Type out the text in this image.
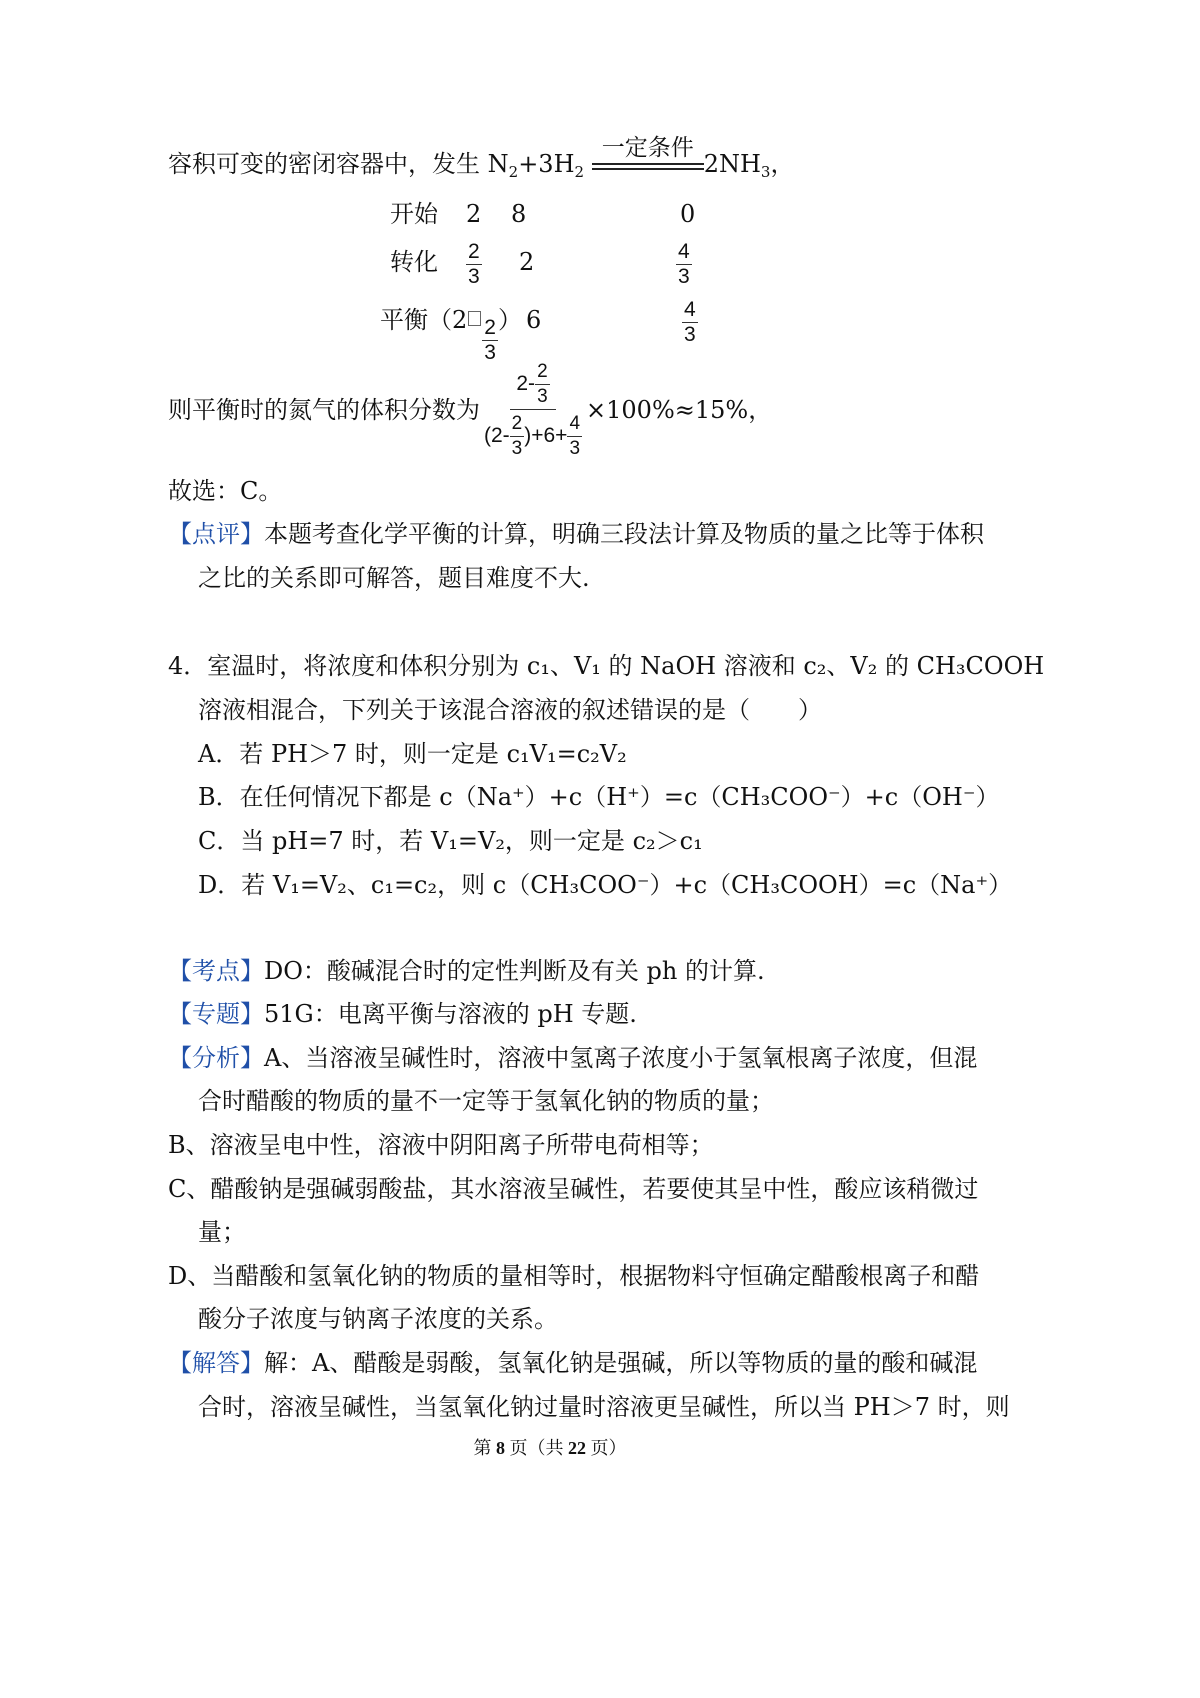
容积可变的密闭容器中，发生 $N_2+3H_2$
一定条件
$2NH_3$，
开始 2 8	0
转化 $\frac{2}{3} 2$	$\frac{4}{3}$
平衡（$2 \frac{2}{3}$ ） 6	$\frac{4}{3}$
则平衡时的氮气的体积分数为 $\frac{2- \frac{2}{3}}{(2- \frac{2}{3} )+6+ \frac{4}{3}} \times 100\%\approx 15\%$，
故选：C。
【点评】本题考查化学平衡的计算，明确三段法计算及物质的量之比等于体积
之比的关系即可解答，题目难度不大.
4．室温时，将浓度和体积分别为 c₁、V₁ 的 NaOH 溶液和 c₂、V₂ 的 CH₃COOH
溶液相混合，下列关于该混合溶液的叙述错误的是（　　）
A．若 PH＞7 时，则一定是 c₁V₁=c₂V₂
B．在任何情况下都是 c（Na⁺）+c（H⁺）=c（CH₃COO⁻）+c（OH⁻）
C．当 pH=7 时，若 V₁=V₂，则一定是 c₂＞c₁
D．若 V₁=V₂、c₁=c₂，则 c（CH₃COO⁻）+c（CH₃COOH）=c（Na⁺）
【考点】DO：酸碱混合时的定性判断及有关 ph 的计算.
【专题】51G：电离平衡与溶液的 pH 专题.
【分析】A、当溶液呈碱性时，溶液中氢离子浓度小于氢氧根离子浓度，但混
合时醋酸的物质的量不一定等于氢氧化钠的物质的量；
B、溶液呈电中性，溶液中阴阳离子所带电荷相等；
C、醋酸钠是强碱弱酸盐，其水溶液呈碱性，若要使其呈中性，酸应该稍微过
量；
D、当醋酸和氢氧化钠的物质的量相等时，根据物料守恒确定醋酸根离子和醋
酸分子浓度与钠离子浓度的关系。
【解答】解：A、醋酸是弱酸，氢氧化钠是强碱，所以等物质的量的酸和碱混
合时，溶液呈碱性，当氢氧化钠过量时溶液更呈碱性，所以当 PH＞7 时，则
第 8 页（共 22 页）
